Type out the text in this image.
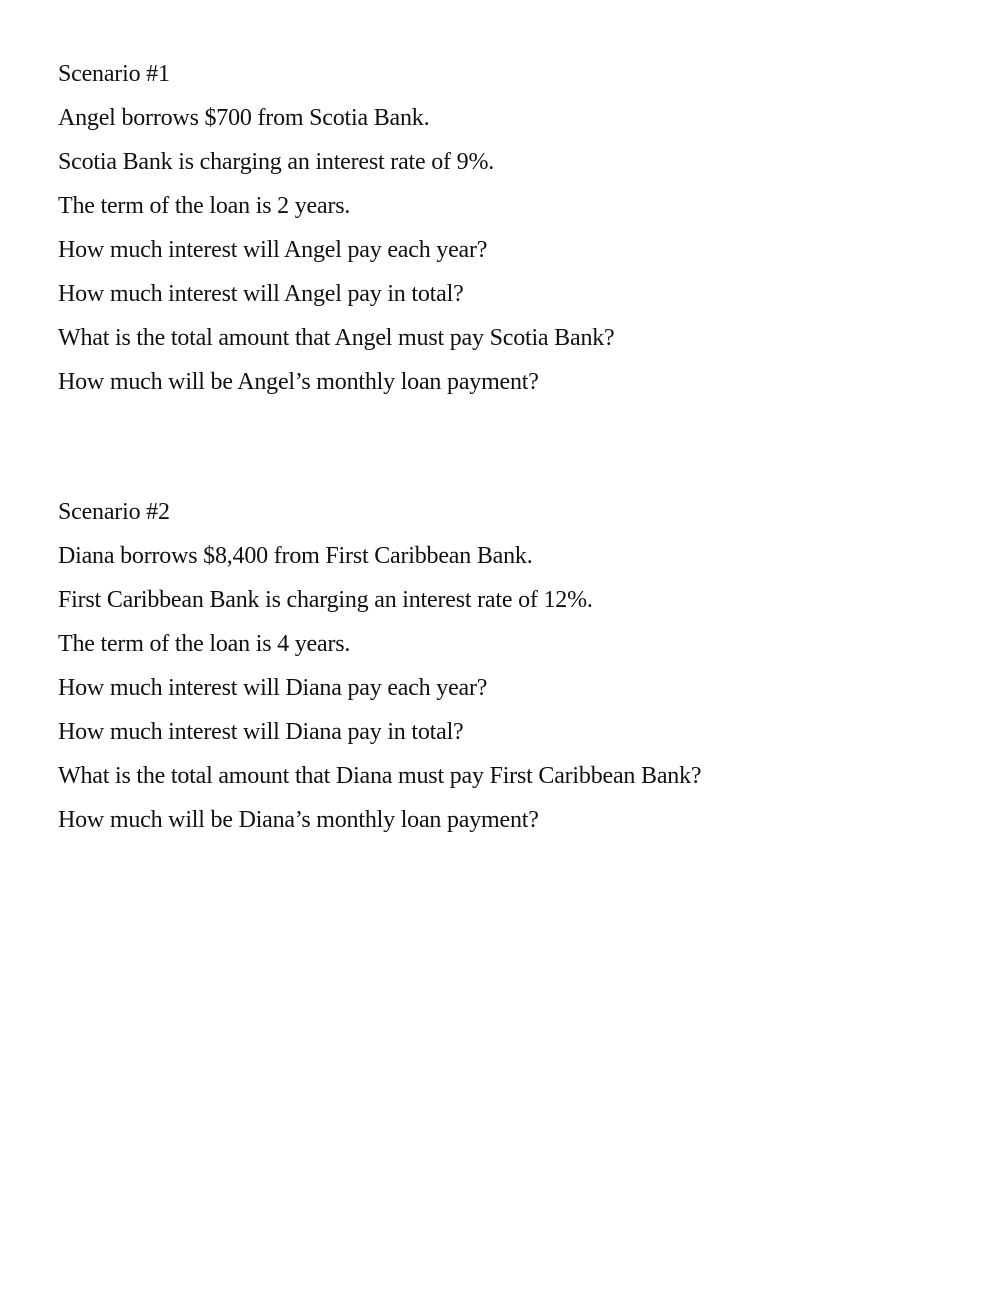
Scenario #1
Angel borrows $700 from Scotia Bank.
Scotia Bank is charging an interest rate of 9%.
The term of the loan is 2 years.
How much interest will Angel pay each year?
How much interest will Angel pay in total?
What is the total amount that Angel must pay Scotia Bank?
How much will be Angel’s monthly loan payment?
Scenario #2
Diana borrows $8,400 from First Caribbean Bank.
First Caribbean Bank is charging an interest rate of 12%.
The term of the loan is 4 years.
How much interest will Diana pay each year?
How much interest will Diana pay in total?
What is the total amount that Diana must pay First Caribbean Bank?
How much will be Diana’s monthly loan payment?
